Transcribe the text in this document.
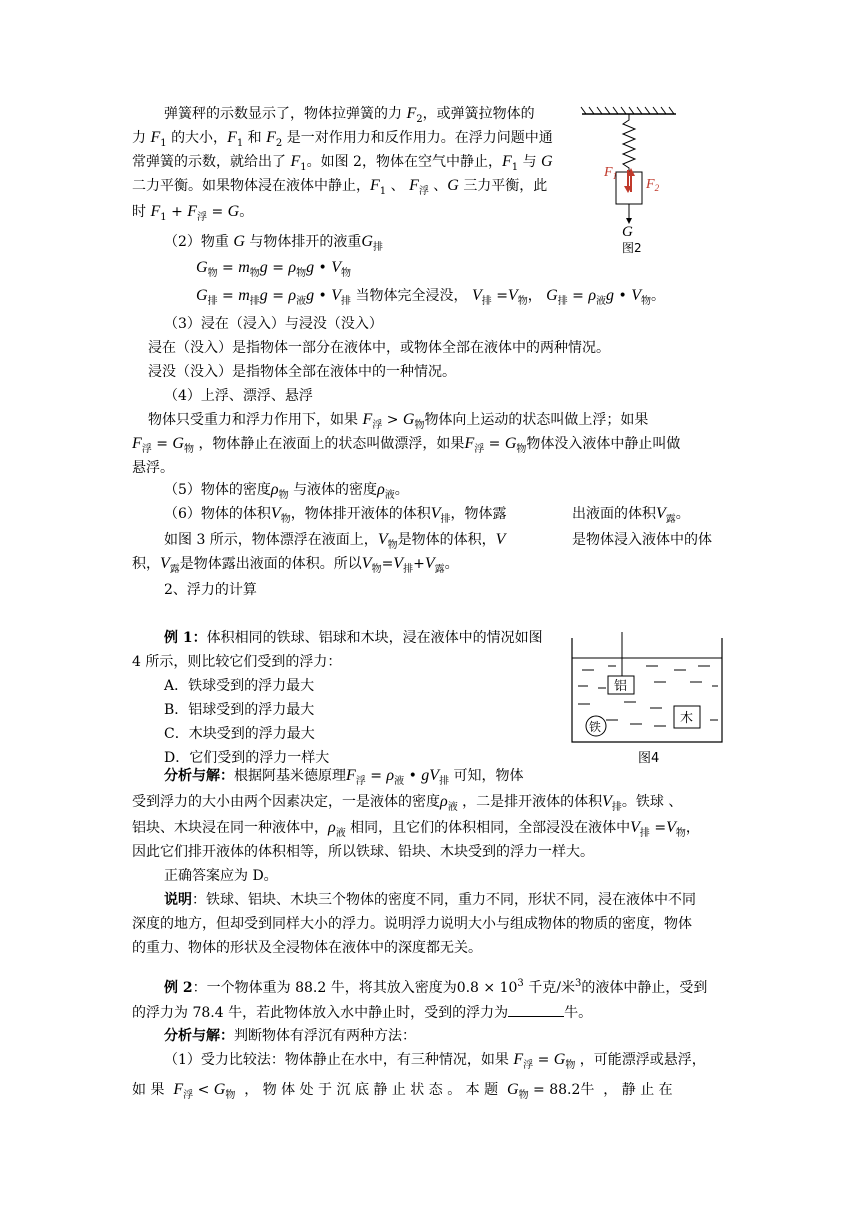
弹簧秤的示数显示了，物体拉弹簧的力 $F_2$，或弹簧拉物体的
力 $F_1$ 的大小，$F_1$ 和 $F_2$ 是一对作用力和反作用力。在浮力问题中通
常弹簧的示数，就给出了 $F_1$。如图 2，物体在空气中静止，$F_1$ 与 G
二力平衡。如果物体浸在液体中静止，$F_1$ 、 $F_浮$ 、G 三力平衡，此
时 $F_1 + F_浮 = G$。
$F_1$
$F_2$
G
图2
（2）物重 G 与物体排开的液重$G_排$
$G_物 = m_物g = \rho_物g$ • $V_物$
$G_排 = m_排g = \rho_液g$ • $V_排$ 当物体完全浸没， $V_排 =V_物$， $G_排 = \rho_液g$ • $V_物$。
（3）浸在（浸入）与浸没（没入）
浸在（没入）是指物体一部分在液体中，或物体全部在液体中的两种情况。
浸没（没入）是指物体全部在液体中的一种情况。
（4）上浮、漂浮、悬浮
物体只受重力和浮力作用下，如果 $F_浮 > G_物$物体向上运动的状态叫做上浮；如果
$F_浮 = G_物$ ，物体静止在液面上的状态叫做漂浮，如果$F_浮 = G_物$物体没入液体中静止叫做
悬浮。
（5）物体的密度$\rho_物$ 与液体的密度$\rho_液$。
（6）物体的体积$V_物$，物体排开液体的体积$V_排$，物体露	出液面的体积$V_露$。
如图 3 所示，物体漂浮在液面上，$V_物$是物体的体积，V	是物体浸入液体中的体
积，$V_露$是物体露出液面的体积。所以$V_物=V_排+V_露$。
2、浮力的计算
例 1：体积相同的铁球、铝球和木块，浸在液体中的情况如图
4 所示，则比较它们受到的浮力：
A．铁球受到的浮力最大
B．铝球受到的浮力最大
C．木块受到的浮力最大
D．它们受到的浮力一样大
铝
铁
木
图4
分析与解：根据阿基米德原理$F_浮 = \rho_液$ • $gV_排$ 可知，物体
受到浮力的大小由两个因素决定，一是液体的密度$\rho_液$ ，二是排开液体的体积$V_排$。铁球 、
铝块、木块浸在同一种液体中，$\rho_液$ 相同，且它们的体积相同，全部浸没在液体中$V_排 =V_物$，
因此它们排开液体的体积相等，所以铁球、铅块、木块受到的浮力一样大。
正确答案应为 D。
说明：铁球、铝块、木块三个物体的密度不同，重力不同，形状不同，浸在液体中不同
深度的地方，但却受到同样大小的浮力。说明浮力说明大小与组成物体的物质的密度，物体
的重力、物体的形状及全浸物体在液体中的深度都无关。
例 2：一个物体重为 88.2 牛，将其放入密度为$0.8 \times 10^3$ 千克/米$^3$的液体中静止，受到
的浮力为 78.4 牛，若此物体放入水中静止时，受到的浮力为	牛。
分析与解：判断物体有浮沉有两种方法：
（1）受力比较法：物体静止在水中，有三种情况，如果 $F_浮 = G_物$ ，可能漂浮或悬浮，
如 果 $F_浮 < G_物$ ， 物 体 处 于 沉 底 静 止 状 态 。 本 题 $G_物 = 88.2$牛 ， 静 止 在
